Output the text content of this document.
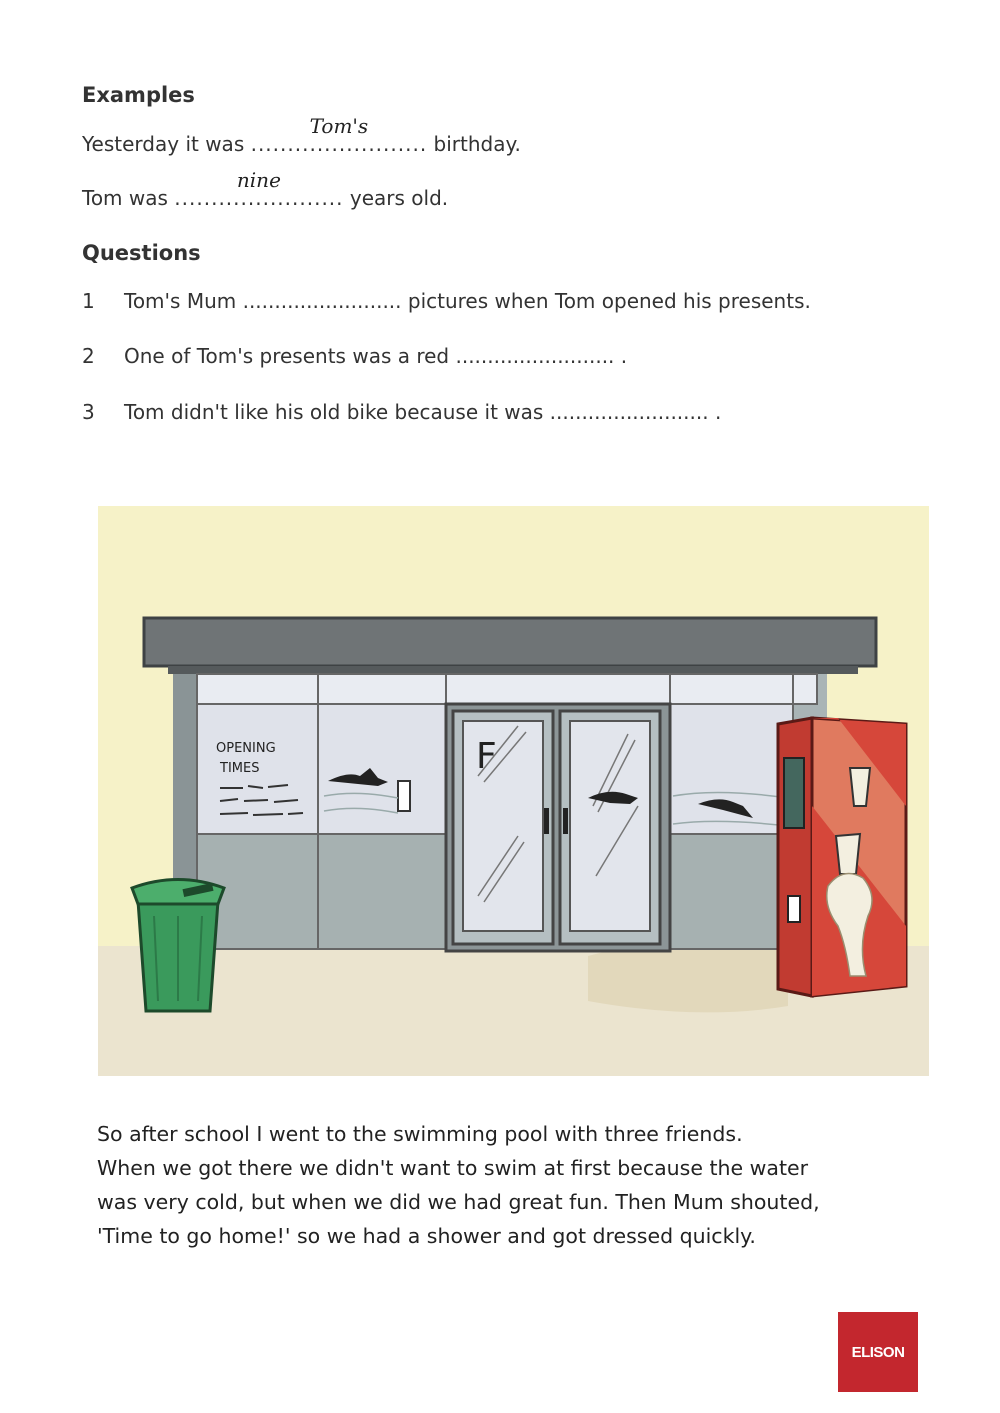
Examples
Yesterday it was ........................
Tom's
birthday.
Tom was .......................
nine
years old.
Questions
1 Tom's Mum ......................... pictures when Tom opened his presents.
2 One of Tom's presents was a red ......................... .
3 Tom didn't like his old bike because it was ......................... .
F
OPENING
TIMES
So after school I went to the swimming pool with three friends.
When we got there we didn't want to swim at first because the water
was very cold, but when we did we had great fun. Then Mum shouted,
'Time to go home!' so we had a shower and got dressed quickly.
ELISON
